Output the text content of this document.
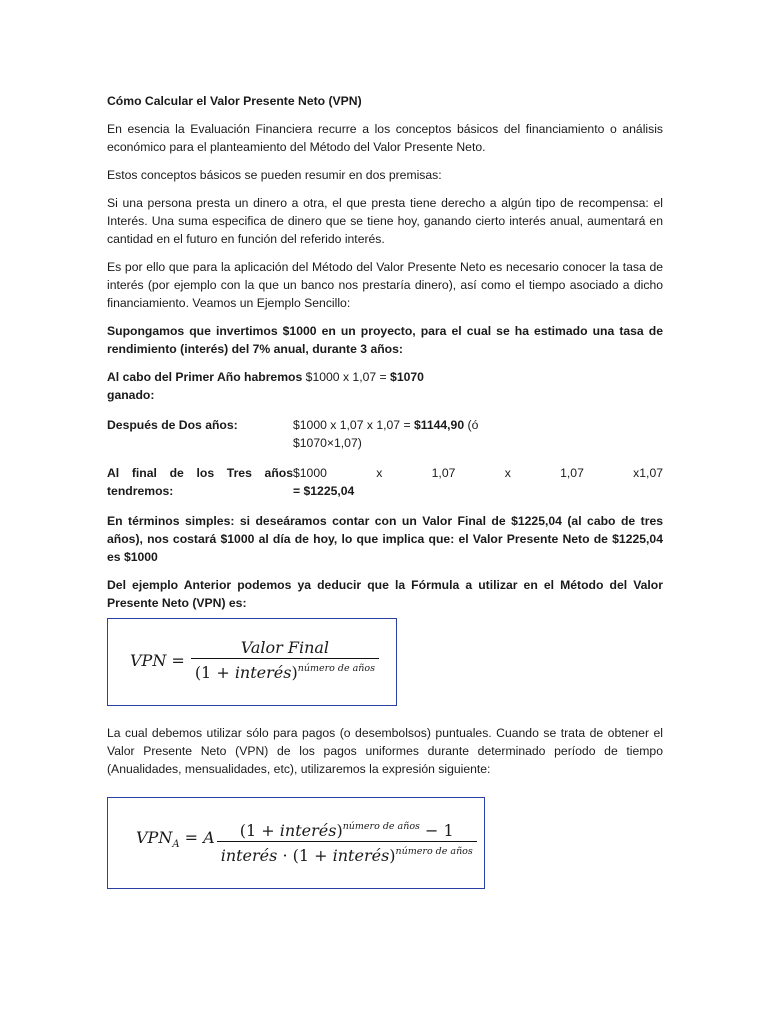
Cómo Calcular el Valor Presente Neto (VPN)

En esencia la Evaluación Financiera recurre a los conceptos básicos del financiamiento o análisis económico para el planteamiento del Método del Valor Presente Neto.

Estos conceptos básicos se pueden resumir en dos premisas:

Si una persona presta un dinero a otra, el que presta tiene derecho a algún tipo de recompensa: el Interés. Una suma especifica de dinero que se tiene hoy, ganando cierto interés anual, aumentará en cantidad en el futuro en función del referido interés.

Es por ello que para la aplicación del Método del Valor Presente Neto es necesario conocer la tasa de interés (por ejemplo con la que un banco nos prestaría dinero), así como el tiempo asociado a dicho financiamiento. Veamos un Ejemplo Sencillo:

Supongamos que invertimos $1000 en un proyecto, para el cual se ha estimado una tasa de rendimiento (interés) del 7% anual, durante 3 años:

Al cabo del Primer Año habremos $1000 x 1,07 = $1070
ganado:
Después de Dos años:	$1000 x 1,07 x 1,07 = $1144,90 (ó
$1070×1,07)
Al final de los Tres años
tendremos:
$1000 x 1,07 x 1,07 x1,07
= $1225,04

En términos simples: si deseáramos contar con un Valor Final de $1225,04 (al cabo de tres años), nos costará $1000 al día de hoy, lo que implica que: el Valor Presente Neto de $1225,04 es $1000

Del ejemplo Anterior podemos ya deducir que la Fórmula a utilizar en el Método del Valor Presente Neto (VPN) es:

VPN = $\frac{\text{Valor Final}}{(1 + interés)^{número de años}}$

La cual debemos utilizar sólo para pagos (o desembolsos) puntuales. Cuando se trata de obtener el Valor Presente Neto (VPN) de los pagos uniformes durante determinado período de tiempo (Anualidades, mensualidades, etc), utilizaremos la expresión siguiente:

$VPN_A = A \frac{(1 + interés)^{número de años} - 1}{interés \cdot (1 + interés)^{número de años}}$
